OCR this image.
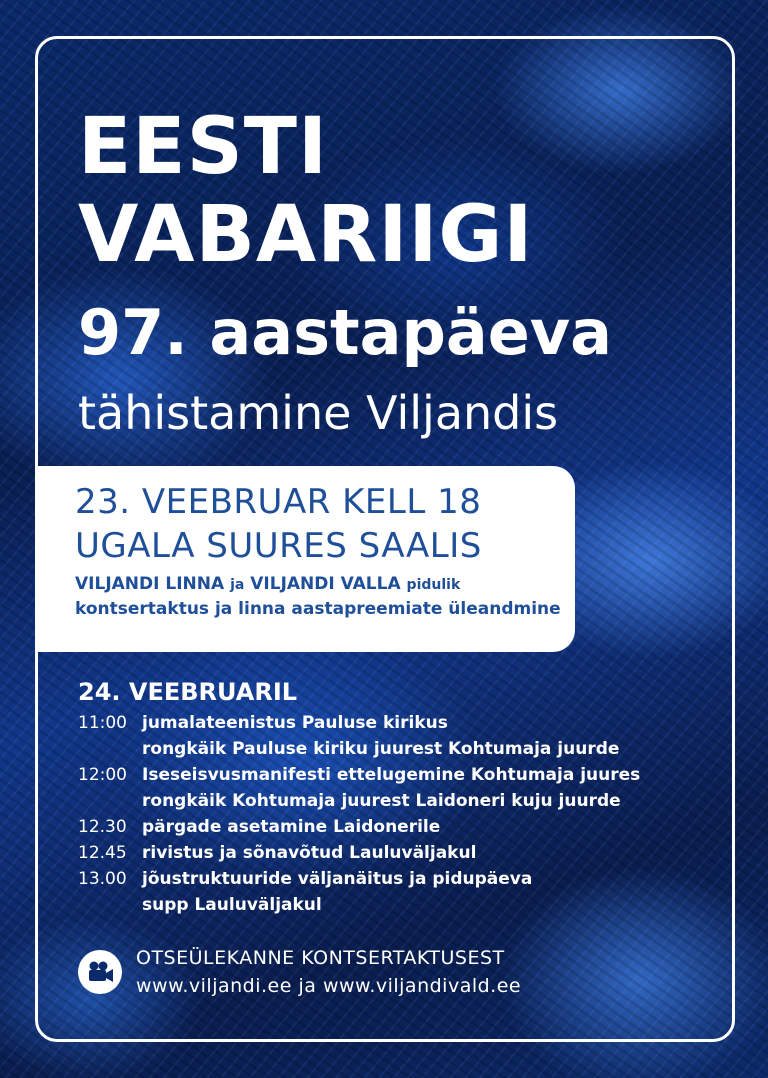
EESTI
VABARIIGI
97. aastapäeva
tähistamine Viljandis

23. VEEBRUAR KELL 18

UGALA SUURES SAALIS

VILJANDI LINNA ja VILJANDI VALLA pidulik

kontsertaktus ja linna aastapreemiate üleandmine

24. VEEBRUARIL

11:00 jumalateenistus Pauluse kirikus
rongkäik Pauluse kiriku juurest Kohtumaja juurde
12:00 Iseseisvusmanifesti ettelugemine Kohtumaja juures
rongkäik Kohtumaja juurest Laidoneri kuju juurde
12.30 pärgade asetamine Laidonerile
12.45 rivistus ja sõnavõtud Lauluväljakul
13.00 jõustruktuuride väljanäitus ja pidupäeva
supp Lauluväljakul
OTSEÜLEKANNE KONTSERTAKTUSEST
www.viljandi.ee ja www.viljandivald.ee
